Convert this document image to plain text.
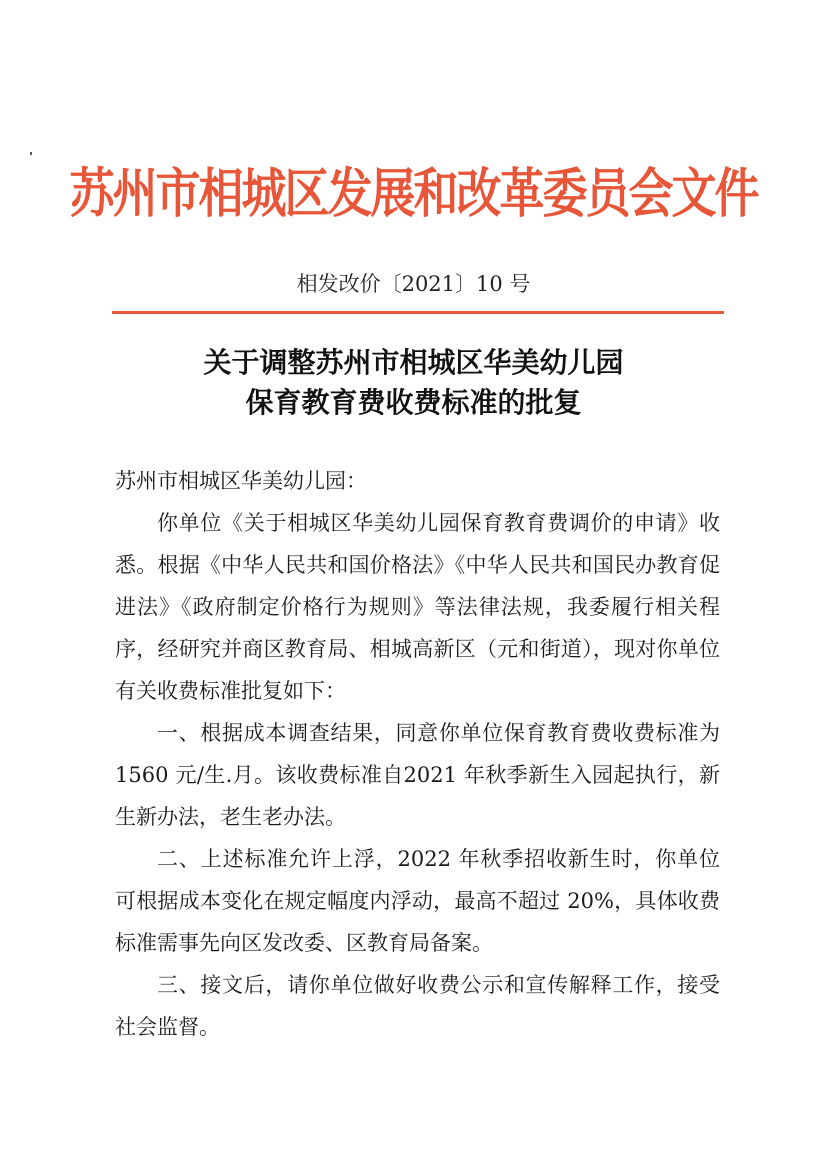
苏州市相城区发展和改革委员会文件
相发改价〔2021〕10 号
关于调整苏州市相城区华美幼儿园
保育教育费收费标准的批复

苏州市相城区华美幼儿园：

你单位《关于相城区华美幼儿园保育教育费调价的申请》收悉。根据《中华人民共和国价格法》《中华人民共和国民办教育促进法》《政府制定价格行为规则》等法律法规，我委履行相关程序，经研究并商区教育局、相城高新区（元和街道），现对你单位有关收费标准批复如下：

一、根据成本调查结果，同意你单位保育教育费收费标准为1560 元/生.月。该收费标准自2021 年秋季新生入园起执行，新生新办法，老生老办法。

二、上述标准允许上浮，2022 年秋季招收新生时，你单位可根据成本变化在规定幅度内浮动，最高不超过 20%，具体收费标准需事先向区发改委、区教育局备案。

三、接文后，请你单位做好收费公示和宣传解释工作，接受社会监督。
